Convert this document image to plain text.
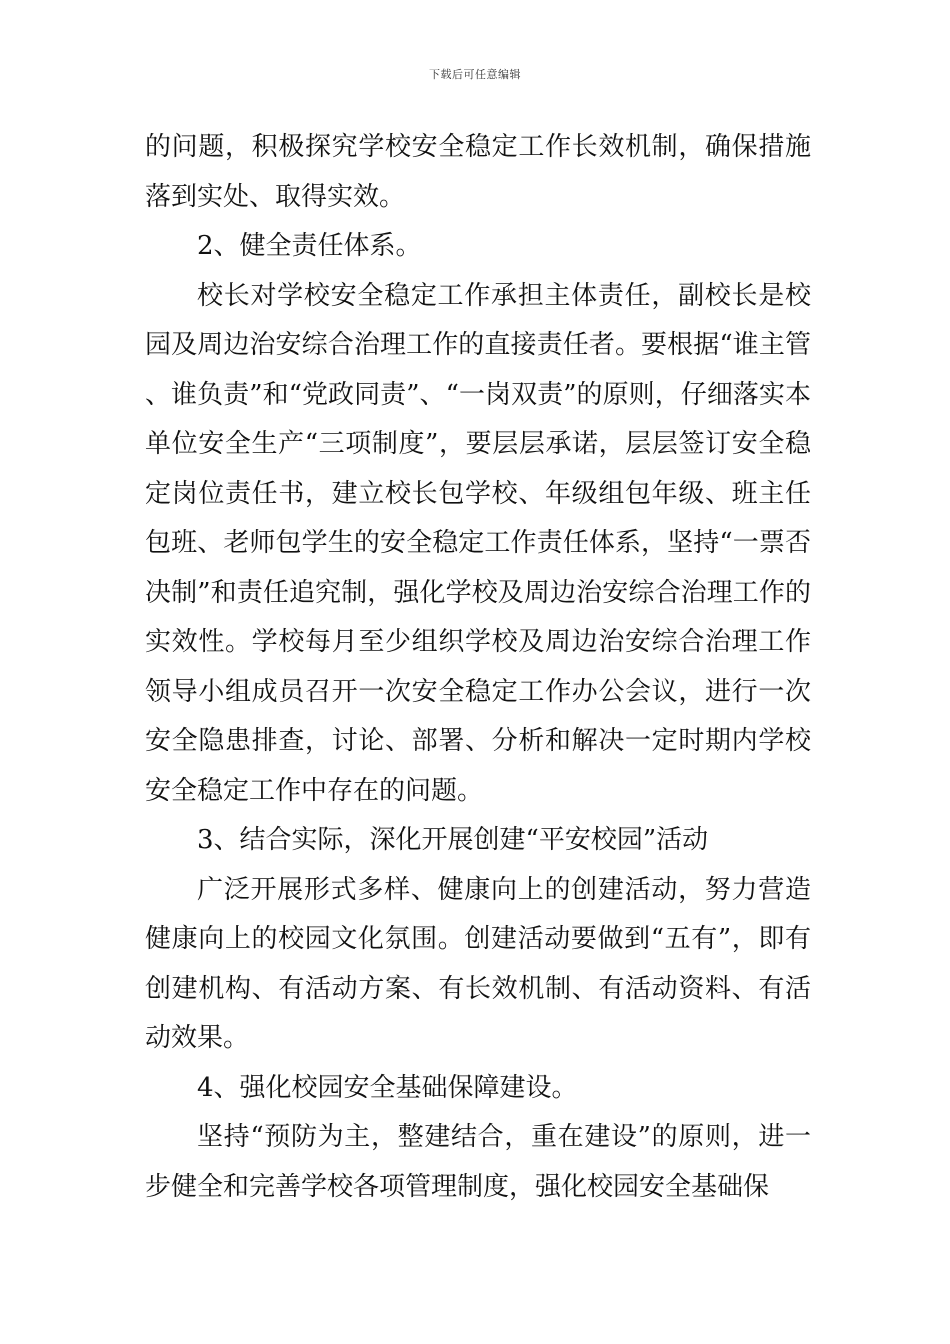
下载后可任意编辑

的问题，积极探究学校安全稳定工作长效机制，确保措施落到实处、取得实效。

2、健全责任体系。

校长对学校安全稳定工作承担主体责任，副校长是校园及周边治安综合治理工作的直接责任者。要根据“谁主管、谁负责”和“党政同责”、“一岗双责”的原则，仔细落实本单位安全生产“三项制度”，要层层承诺，层层签订安全稳定岗位责任书，建立校长包学校、年级组包年级、班主任包班、老师包学生的安全稳定工作责任体系，坚持“一票否决制”和责任追究制，强化学校及周边治安综合治理工作的实效性。学校每月至少组织学校及周边治安综合治理工作领导小组成员召开一次安全稳定工作办公会议，进行一次安全隐患排查，讨论、部署、分析和解决一定时期内学校安全稳定工作中存在的问题。

3、结合实际，深化开展创建“平安校园”活动

广泛开展形式多样、健康向上的创建活动，努力营造健康向上的校园文化氛围。创建活动要做到“五有”，即有创建机构、有活动方案、有长效机制、有活动资料、有活动效果。

4、强化校园安全基础保障建设。

坚持“预防为主，整建结合，重在建设”的原则，进一步健全和完善学校各项管理制度，强化校园安全基础保
